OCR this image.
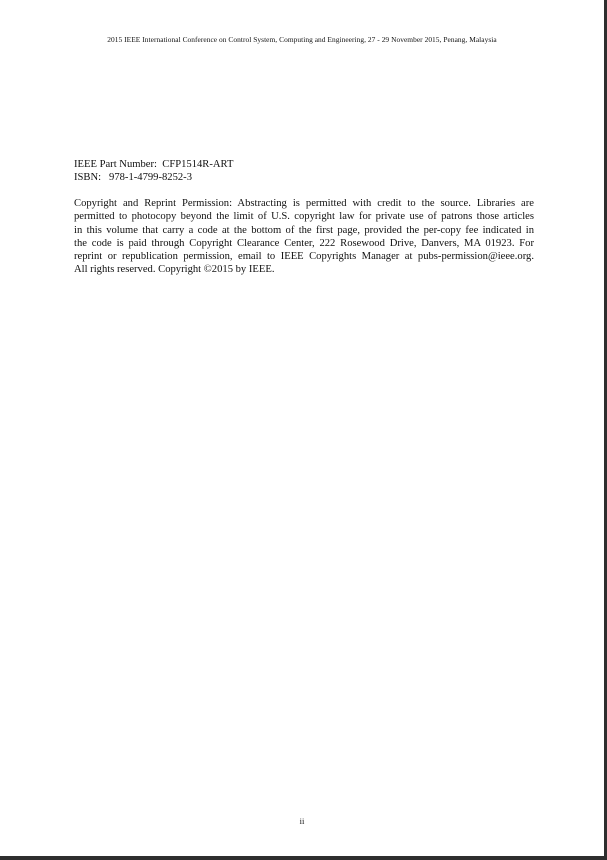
2015 IEEE International Conference on Control System, Computing and Engineering, 27 - 29 November 2015, Penang, Malaysia
IEEE Part Number:  CFP1514R-ART
ISBN:   978-1-4799-8252-3
Copyright and Reprint Permission: Abstracting is permitted with credit to the source. Libraries are
permitted to photocopy beyond the limit of U.S. copyright law for private use of patrons those articles
in this volume that carry a code at the bottom of the first page, provided the per-copy fee indicated in
the code is paid through Copyright Clearance Center, 222 Rosewood Drive, Danvers, MA 01923. For
reprint or republication permission, email to IEEE Copyrights Manager at pubs-permission@ieee.org.
All rights reserved. Copyright ©2015 by IEEE.
ii
